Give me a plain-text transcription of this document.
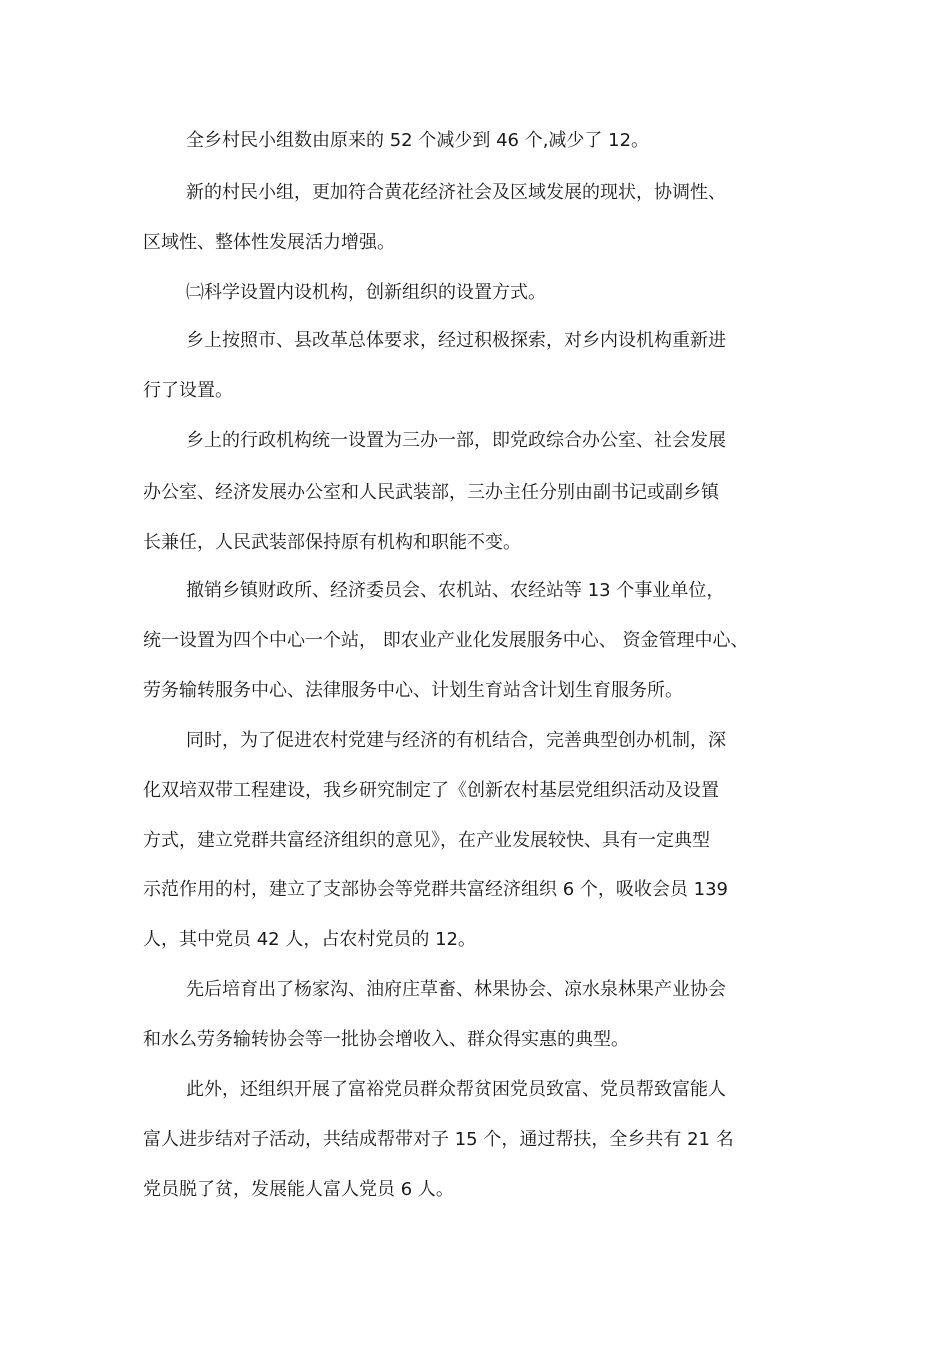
全乡村民小组数由原来的 52 个减少到 46 个,减少了 12。
新的村民小组，更加符合黄花经济社会及区域发展的现状，协调性、
区域性、整体性发展活力增强。
㈡科学设置内设机构，创新组织的设置方式。
乡上按照市、县改革总体要求，经过积极探索，对乡内设机构重新进
行了设置。
乡上的行政机构统一设置为三办一部，即党政综合办公室、社会发展
办公室、经济发展办公室和人民武装部，三办主任分别由副书记或副乡镇
长兼任，人民武装部保持原有机构和职能不变。
撤销乡镇财政所、经济委员会、农机站、农经站等 13 个事业单位，
统一设置为四个中心一个站， 即农业产业化发展服务中心、 资金管理中心、
劳务输转服务中心、法律服务中心、计划生育站含计划生育服务所。
同时，为了促进农村党建与经济的有机结合，完善典型创办机制，深
化双培双带工程建设，我乡研究制定了《创新农村基层党组织活动及设置
方式，建立党群共富经济组织的意见》，在产业发展较快、具有一定典型
示范作用的村，建立了支部协会等党群共富经济组织 6 个，吸收会员 139
人，其中党员 42 人，占农村党员的 12。
先后培育出了杨家沟、油府庄草畜、林果协会、凉水泉林果产业协会
和水么劳务输转协会等一批协会增收入、群众得实惠的典型。
此外，还组织开展了富裕党员群众帮贫困党员致富、党员帮致富能人
富人进步结对子活动，共结成帮带对子 15 个，通过帮扶，全乡共有 21 名
党员脱了贫，发展能人富人党员 6 人。
